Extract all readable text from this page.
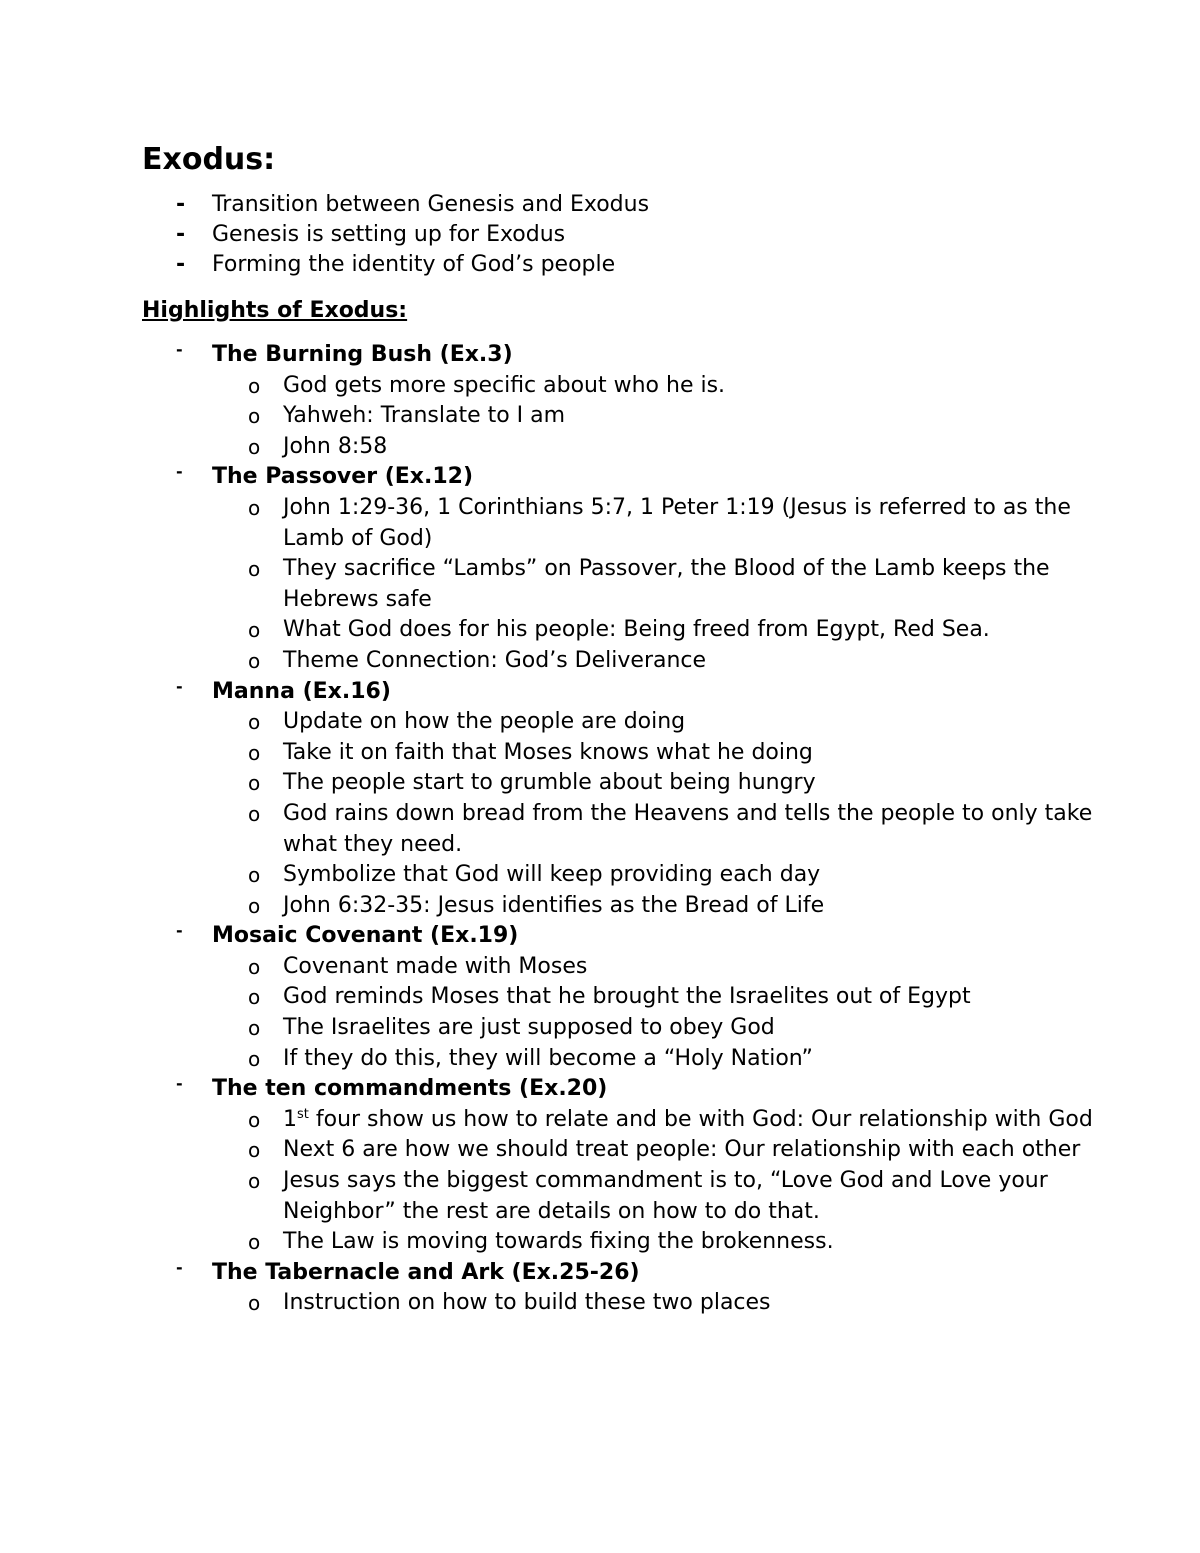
Exodus:
- Transition between Genesis and Exodus
- Genesis is setting up for Exodus
- Forming the identity of God’s people
Highlights of Exodus:
- The Burning Bush (Ex.3)
o	God gets more specific about who he is.
o	Yahweh: Translate to I am
o	John 8:58
- The Passover (Ex.12)
o	John 1:29-36, 1 Corinthians 5:7, 1 Peter 1:19 (Jesus is referred to as the Lamb of God)
o	They sacrifice “Lambs” on Passover, the Blood of the Lamb keeps the Hebrews safe
o	What God does for his people: Being freed from Egypt, Red Sea.
o	Theme Connection: God’s Deliverance
- Manna (Ex.16)
o	Update on how the people are doing
o	Take it on faith that Moses knows what he doing
o	The people start to grumble about being hungry
o	God rains down bread from the Heavens and tells the people to only take what they need.
o	Symbolize that God will keep providing each day
o	John 6:32-35: Jesus identifies as the Bread of Life
- Mosaic Covenant (Ex.19)
o	Covenant made with Moses
o	God reminds Moses that he brought the Israelites out of Egypt
o	The Israelites are just supposed to obey God
o	If they do this, they will become a “Holy Nation”
- The ten commandments (Ex.20)
o	1st four show us how to relate and be with God: Our relationship with God
o	Next 6 are how we should treat people: Our relationship with each other
o	Jesus says the biggest commandment is to, “Love God and Love your Neighbor” the rest are details on how to do that.
o	The Law is moving towards fixing the brokenness.
- The Tabernacle and Ark (Ex.25-26)
o	Instruction on how to build these two places
